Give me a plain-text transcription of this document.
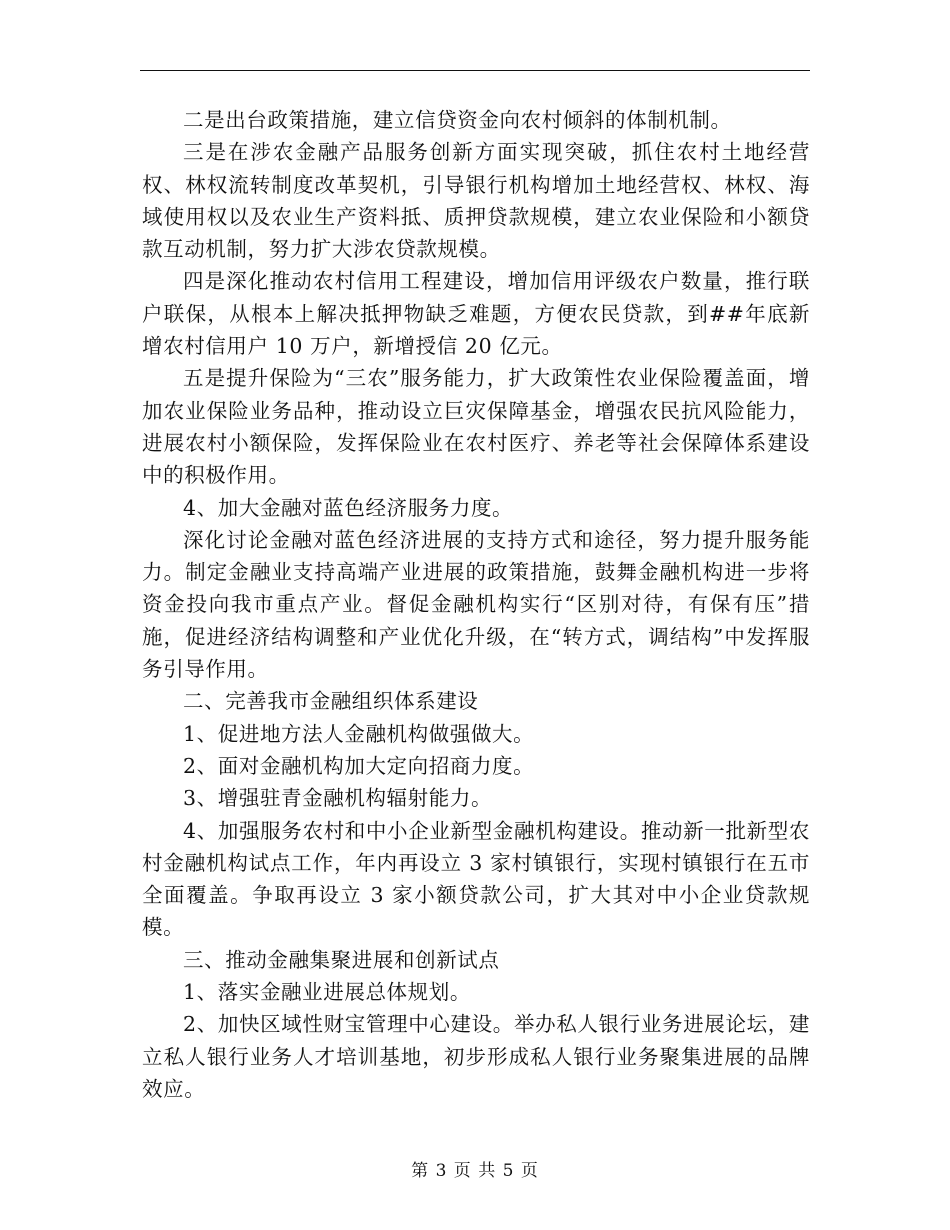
二是出台政策措施，建立信贷资金向农村倾斜的体制机制。

三是在涉农金融产品服务创新方面实现突破，抓住农村土地经营权、林权流转制度改革契机，引导银行机构增加土地经营权、林权、海域使用权以及农业生产资料抵、质押贷款规模，建立农业保险和小额贷款互动机制，努力扩大涉农贷款规模。

四是深化推动农村信用工程建设，增加信用评级农户数量，推行联户联保，从根本上解决抵押物缺乏难题，方便农民贷款，到##年底新增农村信用户 10 万户，新增授信 20 亿元。

五是提升保险为“三农”服务能力，扩大政策性农业保险覆盖面，增加农业保险业务品种，推动设立巨灾保障基金，增强农民抗风险能力，进展农村小额保险，发挥保险业在农村医疗、养老等社会保障体系建设中的积极作用。

4、加大金融对蓝色经济服务力度。

深化讨论金融对蓝色经济进展的支持方式和途径，努力提升服务能力。制定金融业支持高端产业进展的政策措施，鼓舞金融机构进一步将资金投向我市重点产业。督促金融机构实行“区别对待，有保有压”措施，促进经济结构调整和产业优化升级，在“转方式，调结构”中发挥服务引导作用。

二、完善我市金融组织体系建设

1、促进地方法人金融机构做强做大。

2、面对金融机构加大定向招商力度。

3、增强驻青金融机构辐射能力。

4、加强服务农村和中小企业新型金融机构建设。推动新一批新型农村金融机构试点工作，年内再设立 3 家村镇银行，实现村镇银行在五市全面覆盖。争取再设立 3 家小额贷款公司，扩大其对中小企业贷款规模。

三、推动金融集聚进展和创新试点

1、落实金融业进展总体规划。

2、加快区域性财宝管理中心建设。举办私人银行业务进展论坛，建立私人银行业务人才培训基地，初步形成私人银行业务聚集进展的品牌效应。

第 3 页 共 5 页
